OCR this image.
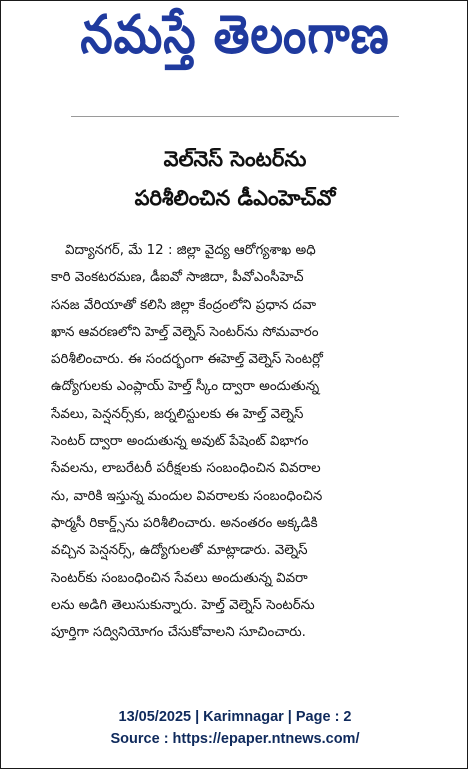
నమస్తే తెలంగాణ
వెల్‌నెస్ సెంటర్‌ను
పరిశీలించిన డీఎంహెచ్‌వో
విద్యానగర్, మే 12 : జిల్లా వైద్య ఆరోగ్యశాఖ అధి
కారి వెంకటరమణ, డీఐవో సాజిదా, పీవోఎంసీహెచ్
సనజ వేరియాతో కలిసి జిల్లా కేంద్రంలోని ప్రధాన దవా
ఖాన ఆవరణలోని హెల్త్ వెల్నెస్ సెంటర్‌ను సోమవారం
పరిశీలించారు. ఈ సందర్భంగా ఈహెల్త్ వెల్నెస్ సెంటర్లో
ఉద్యోగులకు ఎంప్లాయ్ హెల్త్ స్కీం ద్వారా అందుతున్న
సేవలు, పెన్షనర్స్‌కు, జర్నలిస్టులకు ఈ హెల్త్ వెల్నెస్
సెంటర్ ద్వారా అందుతున్న అవుట్ పేషెంట్ విభాగం
సేవలను, లాబరేటరీ పరీక్షలకు సంబంధించిన వివరాల
ను, వారికి ఇస్తున్న మందుల వివరాలకు సంబంధించిన
ఫార్మసీ రికార్డ్స్‌ను పరిశీలించారు. అనంతరం అక్కడికి
వచ్చిన పెన్షనర్స్, ఉద్యోగులతో మాట్లాడారు. వెల్నెస్
సెంటర్‌కు సంబంధించిన సేవలు అందుతున్న వివరా
లను అడిగి తెలుసుకున్నారు. హెల్త్ వెల్నెస్ సెంటర్‌ను
పూర్తిగా సద్వినియోగం చేసుకోవాలని సూచించారు.
13/05/2025 | Karimnagar | Page : 2
Source : https://epaper.ntnews.com/
